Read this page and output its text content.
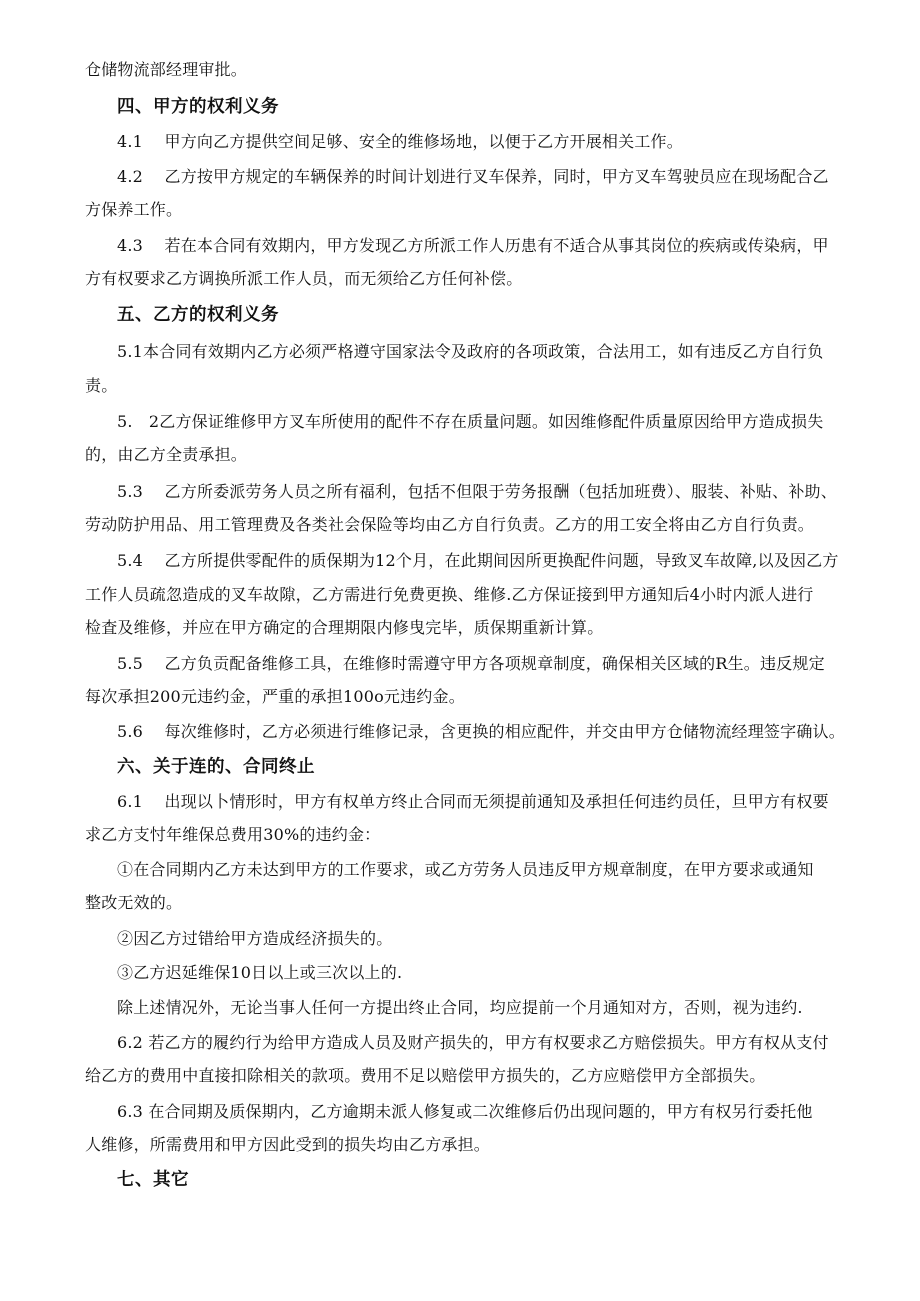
仓储物流部经理审批。
四、甲方的权利义务
4.1　 甲方向乙方提供空间足够、安全的维修场地，以便于乙方开展相关工作。
4.2　 乙方按甲方规定的车辆保养的时间计划进行叉车保养，同时，甲方叉车驾驶员应在现场配合乙
方保养工作。
4.3　 若在本合同有效期内，甲方发现乙方所派工作人历患有不适合从事其岗位的疾病或传染病，甲
方有权要求乙方调换所派工作人员，而无须给乙方任何补偿。
五、乙方的权利义务
5.1本合同有效期内乙方必须严格遵守国家法令及政府的各项政策，合法用工，如有违反乙方自行负
责。
5.　2乙方保证维修甲方叉车所使用的配件不存在质量问题。如因维修配件质量原因给甲方造成损失
的，由乙方全责承担。
5.3　 乙方所委派劳务人员之所有福利，包括不但限于劳务报酬（包括加班费）、服装、补贴、补助、
劳动防护用品、用工管理费及各类社会保险等均由乙方自行负责。乙方的用工安全将由乙方自行负责。
5.4　 乙方所提供零配件的质保期为12个月，在此期间因所更换配件问题，导致叉车故障,以及因乙方
工作人员疏忽造成的叉车故隙，乙方需进行免费更换、维修.乙方保证接到甲方通知后4小时内派人进行
检査及维修，并应在甲方确定的合理期限内修曳完毕，质保期重新计算。
5.5　 乙方负贡配备维修工具，在维修时需遵守甲方各项规章制度，确保相关区域的R生。违反规定
每次承担200元违约金，严重的承担100o元违约金。
5.6　 每次维修时，乙方必须进行维修记录，含更换的相应配件，并交由甲方仓储物流经理签字确认。
六、关于连的、合同终止
6.1　 出现以卜情形时，甲方有权单方终止合同而无须提前通知及承担任何违约员任，旦甲方有权要
求乙方支忖年维保总费用30%的违约金：
①在合同期内乙方未达到甲方的工作要求，或乙方劳务人员违反甲方规章制度，在甲方要求或通知
整改无效的。
②因乙方过错给甲方造成经济损失的。
③乙方迟延维保10日以上或三次以上的.
除上述情况外，无论当事人任何一方提出终止合同，均应提前一个月通知对方，否则，视为违约.
6.2 若乙方的履约行为给甲方造成人员及财产损失的，甲方有权要求乙方赔偿损失。甲方有权从支付
给乙方的费用中直接扣除相关的款项。费用不足以赔偿甲方损失的，乙方应赔偿甲方全部损失。
6.3 在合同期及质保期内，乙方逾期未派人修复或二次维修后仍出现问题的，甲方有权另行委托他
人维修，所需费用和甲方因此受到的损失均由乙方承担。
七、其它
